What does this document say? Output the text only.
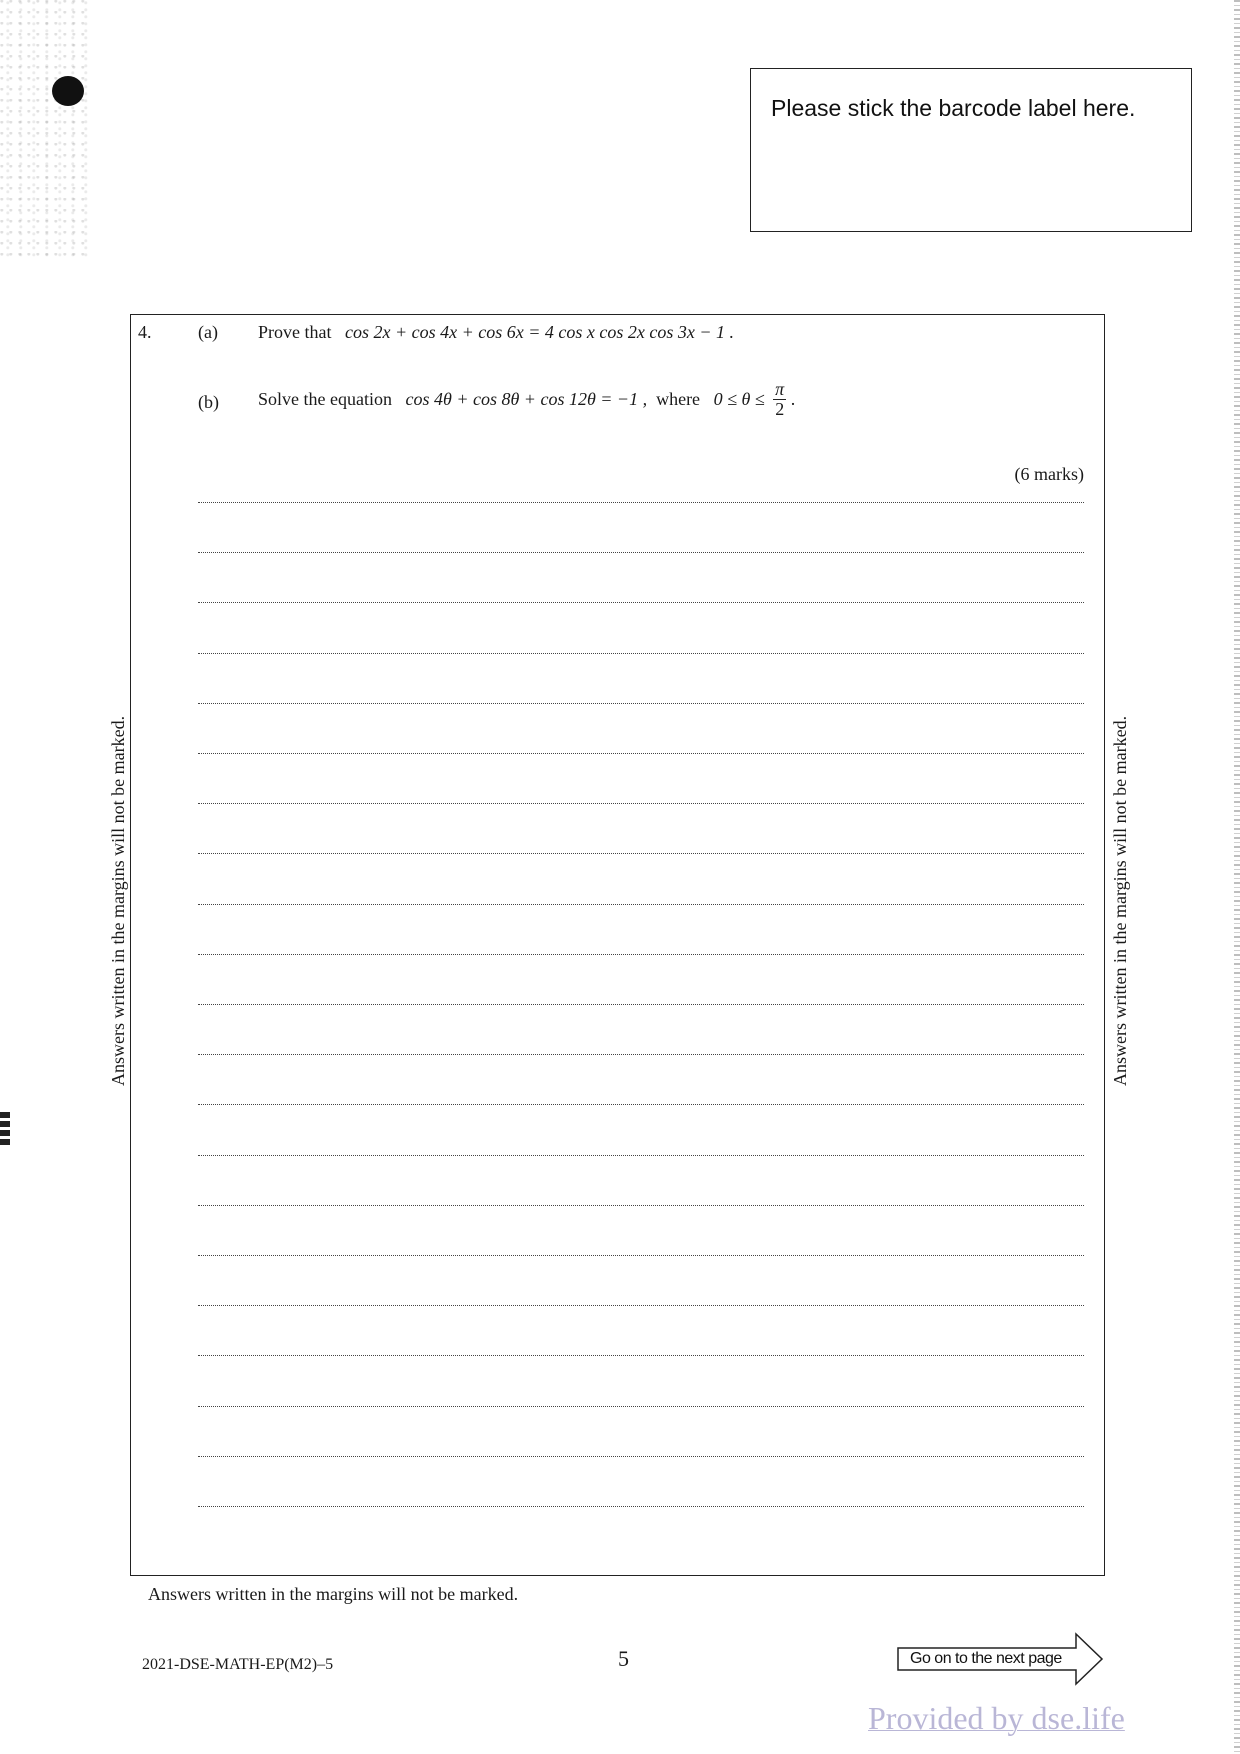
Please stick the barcode label here.
4.	(a) Prove that cos 2x + cos 4x + cos 6x = 4 cos x cos 2x cos 3x − 1 .
(b) Solve the equation cos 4θ + cos 8θ + cos 12θ = −1 , where $0 \le \theta \le \frac{\pi}{2}$ .
(6 marks)
Answers written in the margins will not be marked.	Answers written in the margins will not be marked.
Answers written in the margins will not be marked.
2021-DSE-MATH-EP(M2)–5	5	Go on to the next page
Provided by dse.life
